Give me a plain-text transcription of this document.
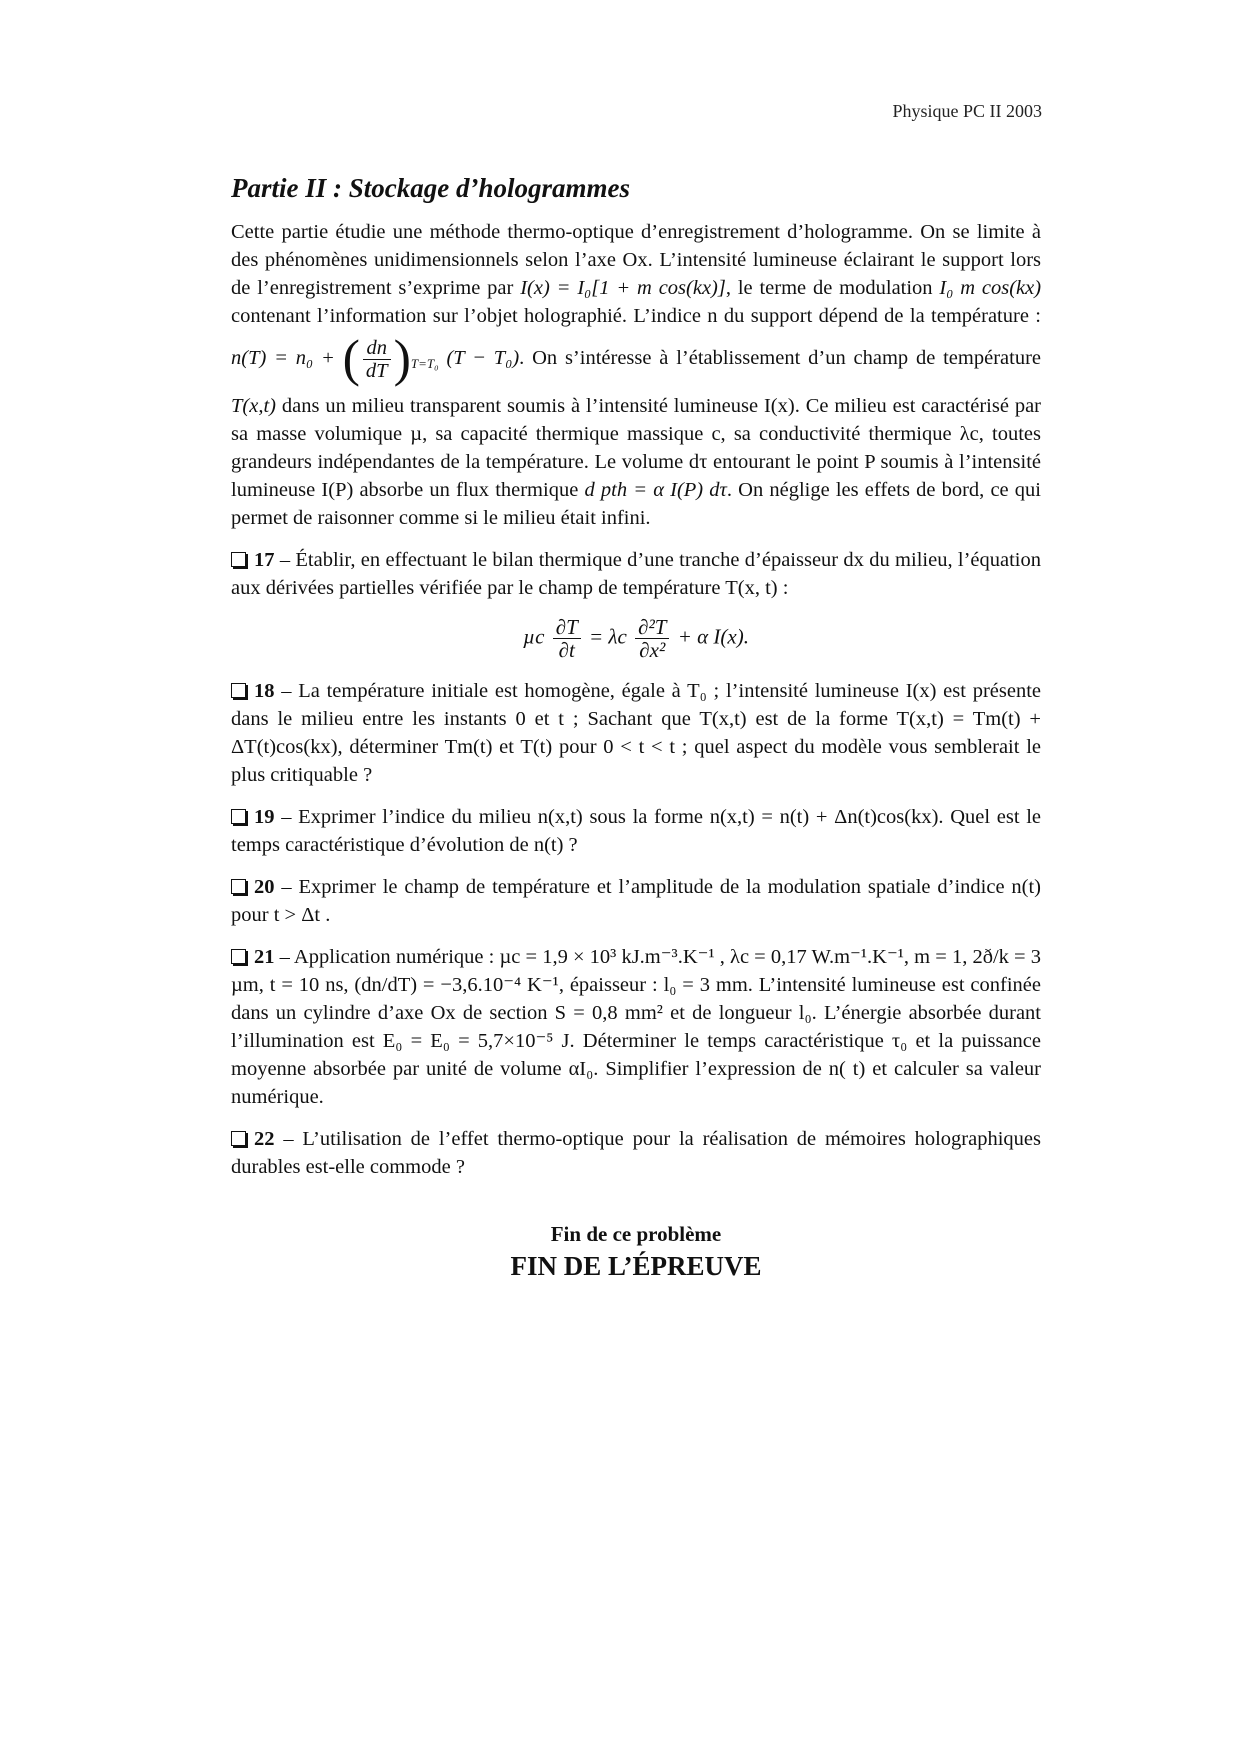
Physique PC II 2003
Partie II : Stockage d’hologrammes
Cette partie étudie une méthode thermo-optique d’enregistrement d’hologramme. On se limite à des phénomènes unidimensionnels selon l’axe Ox. L’intensité lumineuse éclairant le support lors de l’enregistrement s’exprime par I(x) = I₀[1 + m cos(kx)], le terme de modulation I₀ m cos(kx) contenant l’information sur l’objet holographié. L’indice n du support dépend de la température : n(T) = n₀ + ( $\frac{dn}{dT} )_{T=T_0}$ (T − T₀). On s’intéresse à l’établissement d’un champ de température T(x,t) dans un milieu transparent soumis à l’intensité lumineuse I(x). Ce milieu est caractérisé par sa masse volumique µ, sa capacité thermique massique c, sa conductivité thermique λc, toutes grandeurs indépendantes de la température. Le volume dτ entourant le point P soumis à l’intensité lumineuse I(P) absorbe un flux thermique d pth = α I(P) dτ. On néglige les effets de bord, ce qui permet de raisonner comme si le milieu était infini.
17 – Établir, en effectuant le bilan thermique d’une tranche d’épaisseur dx du milieu, l’équation aux dérivées partielles vérifiée par le champ de température T(x, t) :
µc $\frac{\partial T}{\partial t} = \lambda c \frac{\text{∂²T}}{\text{∂x²}} + \alpha$ I(x).
18 – La température initiale est homogène, égale à T₀ ; l’intensité lumineuse I(x) est présente dans le milieu entre les instants 0 et t ; Sachant que T(x,t) est de la forme T(x,t) = Tm(t) + ΔT(t)cos(kx), déterminer Tm(t) et T(t) pour 0 < t < t ; quel aspect du modèle vous semblerait le plus critiquable ?
19 – Exprimer l’indice du milieu n(x,t) sous la forme n(x,t) = n(t) + Δn(t)cos(kx). Quel est le temps caractéristique d’évolution de n(t) ?
20 – Exprimer le champ de température et l’amplitude de la modulation spatiale d’indice n(t) pour t > Δt .
21 – Application numérique : µc = 1,9 × 10³ kJ.m⁻³.K⁻¹ , λc = 0,17 W.m⁻¹.K⁻¹, m = 1, 2ð/k = 3 µm, t = 10 ns, (dn/dT) = −3,6.10⁻⁴ K⁻¹, épaisseur : l₀ = 3 mm. L’intensité lumineuse est confinée dans un cylindre d’axe Ox de section S = 0,8 mm² et de longueur l₀. L’énergie absorbée durant l’illumination est E₀ = E₀ = 5,7×10⁻⁵ J. Déterminer le temps caractéristique τ₀ et la puissance moyenne absorbée par unité de volume αI₀. Simplifier l’expression de n( t) et calculer sa valeur numérique.
22 – L’utilisation de l’effet thermo-optique pour la réalisation de mémoires holographiques durables est-elle commode ?
Fin de ce problème
FIN DE L’ÉPREUVE
